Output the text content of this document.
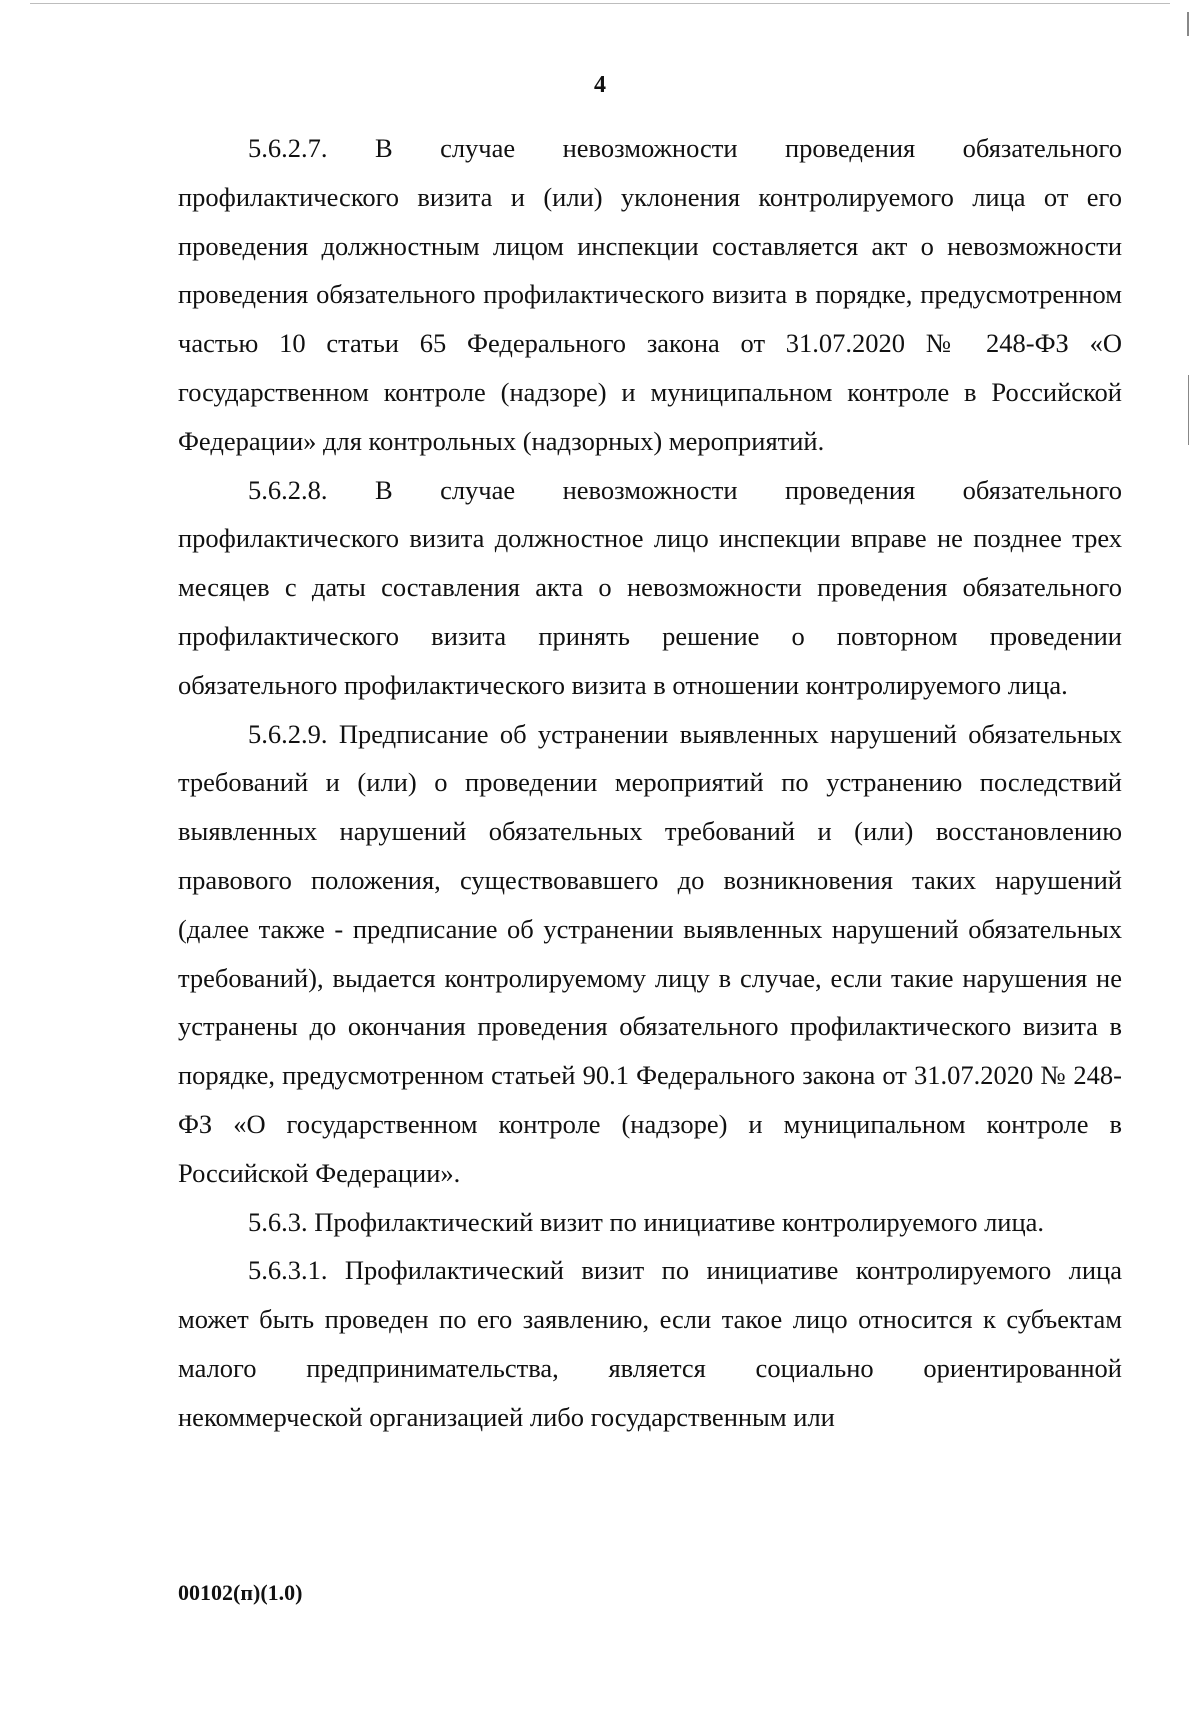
4

5.6.2.7. В случае невозможности проведения обязательного профилактического визита и (или) уклонения контролируемого лица от его проведения должностным лицом инспекции составляется акт о невозможности проведения обязательного профилактического визита в порядке, предусмотренном частью 10 статьи 65 Федерального закона от 31.07.2020 № 248-ФЗ «О государственном контроле (надзоре) и муниципальном контроле в Российской Федерации» для контрольных (надзорных) мероприятий.

5.6.2.8. В случае невозможности проведения обязательного профилактического визита должностное лицо инспекции вправе не позднее трех месяцев с даты составления акта о невозможности проведения обязательного профилактического визита принять решение о повторном проведении обязательного профилактического визита в отношении контролируемого лица.

5.6.2.9. Предписание об устранении выявленных нарушений обязательных требований и (или) о проведении мероприятий по устранению последствий выявленных нарушений обязательных требований и (или) восстановлению правового положения, существовавшего до возникновения таких нарушений (далее также - предписание об устранении выявленных нарушений обязательных требований), выдается контролируемому лицу в случае, если такие нарушения не устранены до окончания проведения обязательного профилактического визита в порядке, предусмотренном статьей 90.1 Федерального закона от 31.07.2020 № 248-ФЗ «О государственном контроле (надзоре) и муниципальном контроле в Российской Федерации».

5.6.3. Профилактический визит по инициативе контролируемого лица.

5.6.3.1. Профилактический визит по инициативе контролируемого лица может быть проведен по его заявлению, если такое лицо относится к субъектам малого предпринимательства, является социально ориентированной некоммерческой организацией либо государственным или

00102(п)(1.0)
